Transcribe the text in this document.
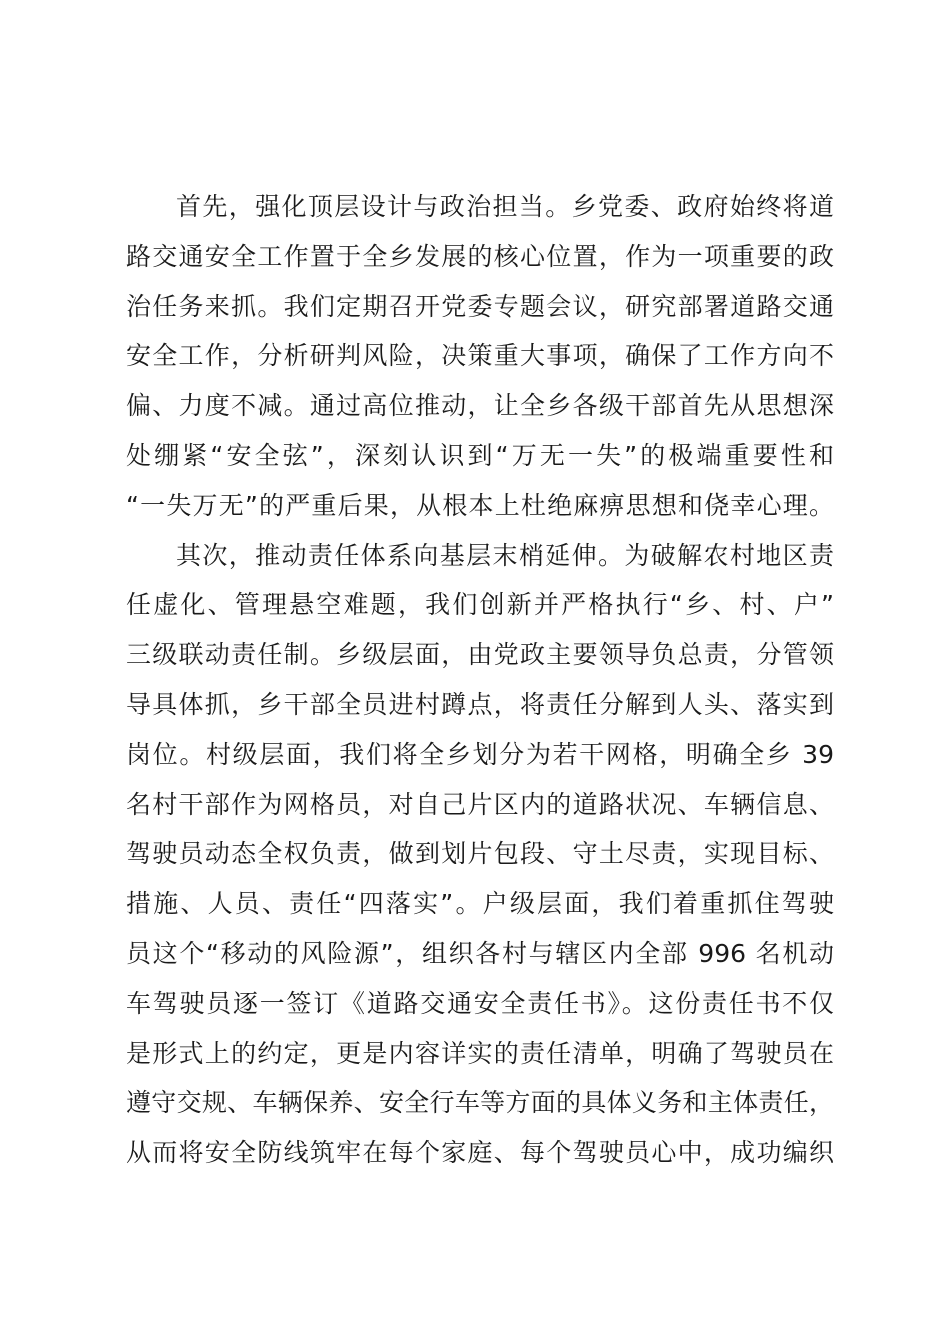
首先，强化顶层设计与政治担当。乡党委、政府始终将道
路交通安全工作置于全乡发展的核心位置，作为一项重要的政
治任务来抓。我们定期召开党委专题会议，研究部署道路交通
安全工作，分析研判风险，决策重大事项，确保了工作方向不
偏、力度不减。通过高位推动，让全乡各级干部首先从思想深
处绷紧“安全弦”，深刻认识到“万无一失”的极端重要性和
“一失万无”的严重后果，从根本上杜绝麻痹思想和侥幸心理。
其次，推动责任体系向基层末梢延伸。为破解农村地区责
任虚化、管理悬空难题，我们创新并严格执行“乡、村、户”
三级联动责任制。乡级层面，由党政主要领导负总责，分管领
导具体抓，乡干部全员进村蹲点，将责任分解到人头、落实到
岗位。村级层面，我们将全乡划分为若干网格，明确全乡 39
名村干部作为网格员，对自己片区内的道路状况、车辆信息、
驾驶员动态全权负责，做到划片包段、守土尽责，实现目标、
措施、人员、责任“四落实”。户级层面，我们着重抓住驾驶
员这个“移动的风险源”，组织各村与辖区内全部 996 名机动
车驾驶员逐一签订《道路交通安全责任书》。这份责任书不仅
是形式上的约定，更是内容详实的责任清单，明确了驾驶员在
遵守交规、车辆保养、安全行车等方面的具体义务和主体责任，
从而将安全防线筑牢在每个家庭、每个驾驶员心中，成功编织
